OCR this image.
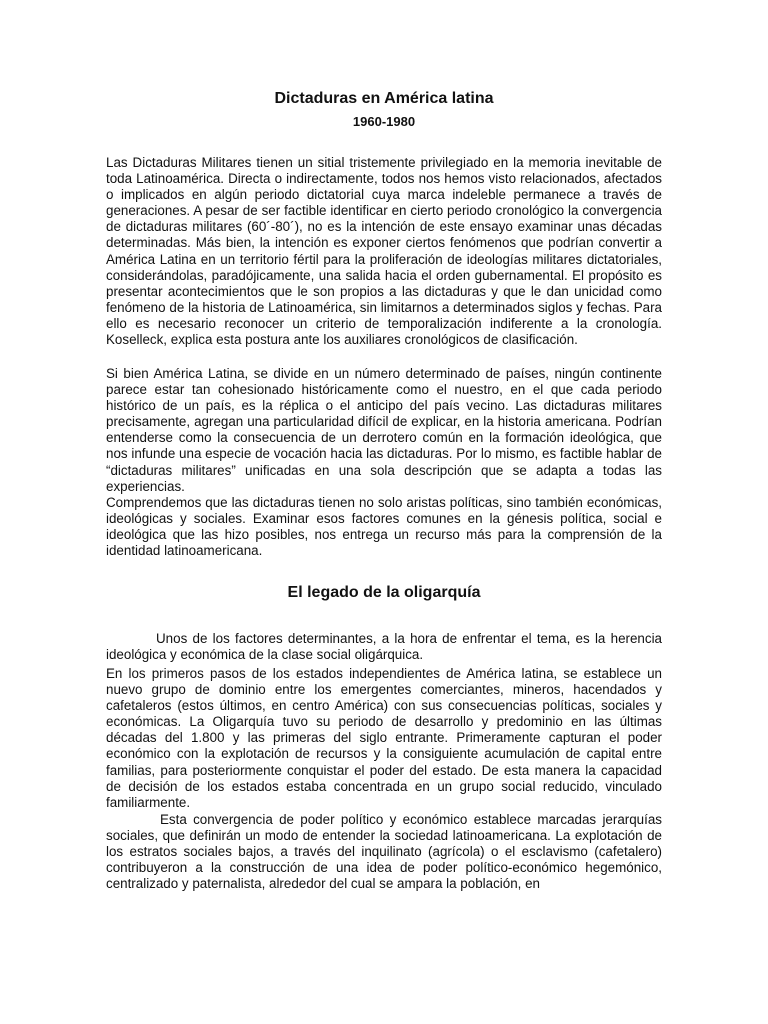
Dictaduras en América latina
1960-1980

Las Dictaduras Militares tienen un sitial tristemente privilegiado en la memoria inevitable de toda Latinoamérica. Directa o indirectamente, todos nos hemos visto relacionados, afectados o implicados en algún periodo dictatorial cuya marca indeleble permanece a través de generaciones. A pesar de ser factible identificar en cierto periodo cronológico la convergencia de dictaduras militares (60´-80´), no es la intención de este ensayo examinar unas décadas determinadas. Más bien, la intención es exponer ciertos fenómenos que podrían convertir a América Latina en un territorio fértil para la proliferación de ideologías militares dictatoriales, considerándolas, paradójicamente, una salida hacia el orden gubernamental. El propósito es presentar acontecimientos que le son propios a las dictaduras y que le dan unicidad como fenómeno de la historia de Latinoamérica, sin limitarnos a determinados siglos y fechas. Para ello es necesario reconocer un criterio de temporalización indiferente a la cronología. Koselleck, explica esta postura ante los auxiliares cronológicos de clasificación.

Si bien América Latina, se divide en un número determinado de países, ningún continente parece estar tan cohesionado históricamente como el nuestro, en el que cada periodo histórico de un país, es la réplica o el anticipo del país vecino. Las dictaduras militares precisamente, agregan una particularidad difícil de explicar, en la historia americana. Podrían entenderse como la consecuencia de un derrotero común en la formación ideológica, que nos infunde una especie de vocación hacia las dictaduras. Por lo mismo, es factible hablar de “dictaduras militares” unificadas en una sola descripción que se adapta a todas las experiencias.

Comprendemos que las dictaduras tienen no solo aristas políticas, sino también económicas, ideológicas y sociales. Examinar esos factores comunes en la génesis política, social e ideológica que las hizo posibles, nos entrega un recurso más para la comprensión de la identidad latinoamericana.

El legado de la oligarquía

Unos de los factores determinantes, a la hora de enfrentar el tema, es la herencia ideológica y económica de la clase social oligárquica.

En los primeros pasos de los estados independientes de América latina, se establece un nuevo grupo de dominio entre los emergentes comerciantes, mineros, hacendados y cafetaleros (estos últimos, en centro América) con sus consecuencias políticas, sociales y económicas. La Oligarquía tuvo su periodo de desarrollo y predominio en las últimas décadas del 1.800 y las primeras del siglo entrante. Primeramente capturan el poder económico con la explotación de recursos y la consiguiente acumulación de capital entre familias, para posteriormente conquistar el poder del estado. De esta manera la capacidad de decisión de los estados estaba concentrada en un grupo social reducido, vinculado familiarmente.

Esta convergencia de poder político y económico establece marcadas jerarquías sociales, que definirán un modo de entender la sociedad latinoamericana. La explotación de los estratos sociales bajos, a través del inquilinato (agrícola) o el esclavismo (cafetalero) contribuyeron a la construcción de una idea de poder político-económico hegemónico, centralizado y paternalista, alrededor del cual se ampara la población, en
